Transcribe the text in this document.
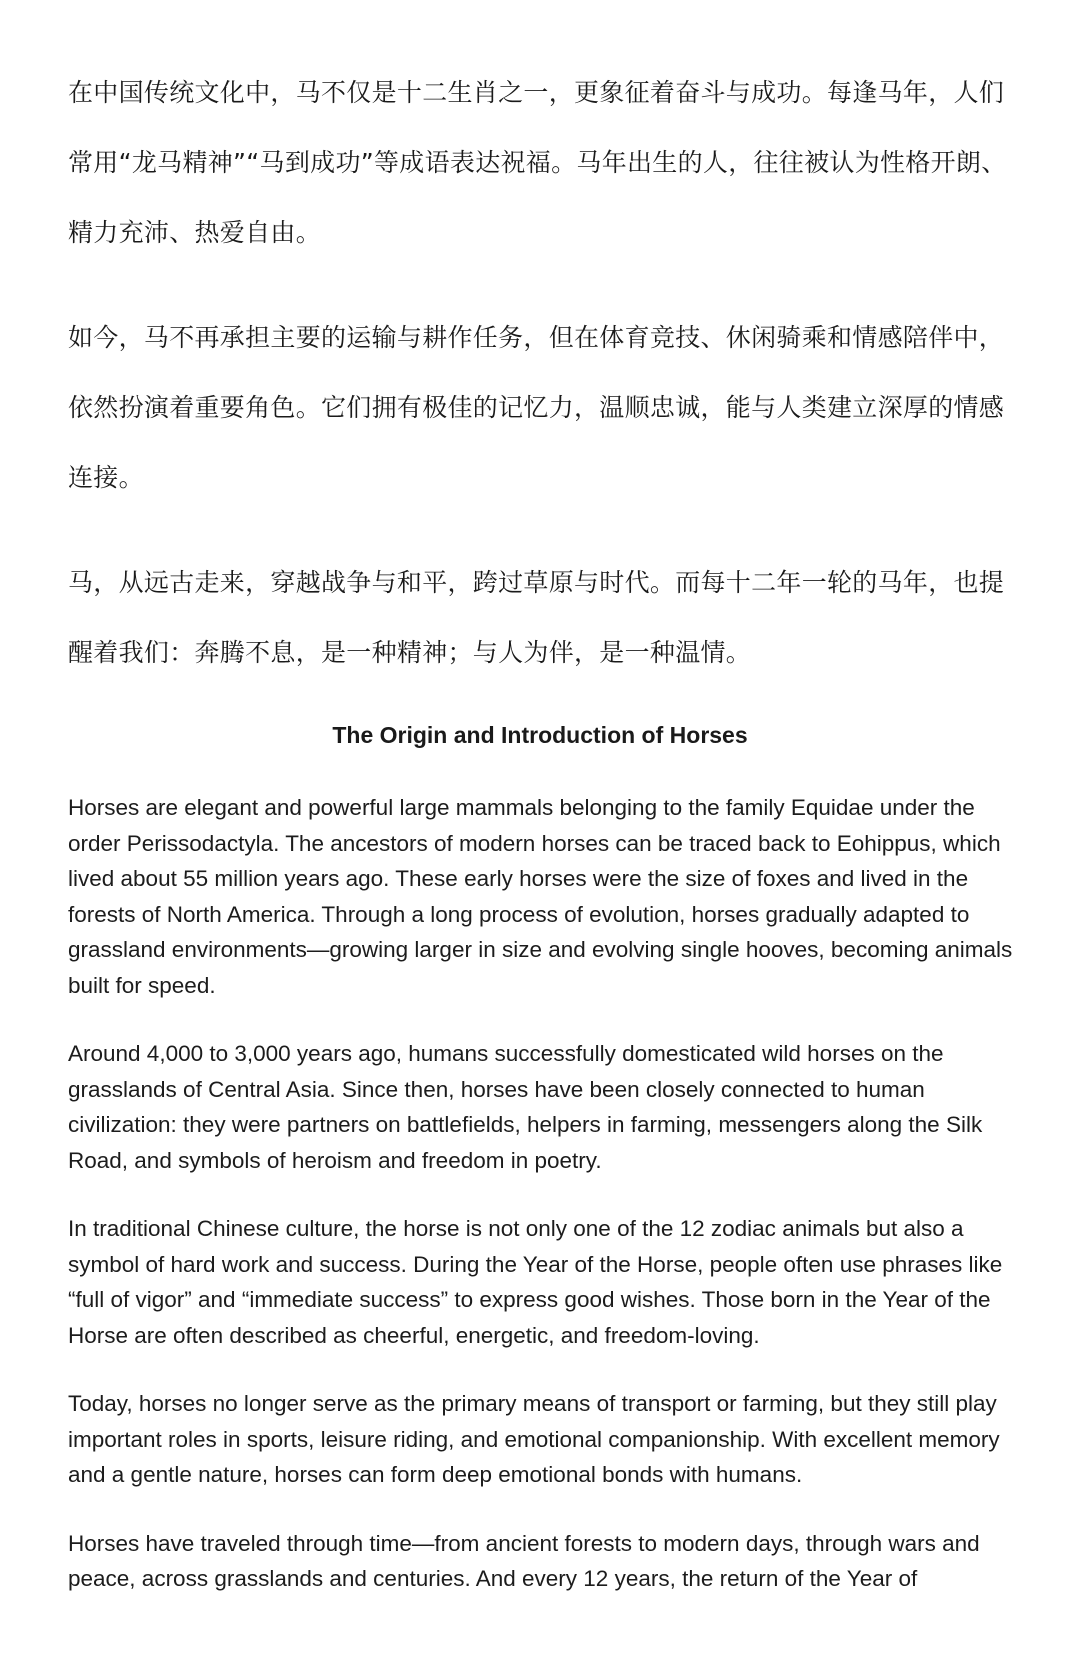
在中国传统文化中，马不仅是十二生肖之一，更象征着奋斗与成功。每逢马年，人们常用“龙马精神”“马到成功”等成语表达祝福。马年出生的人，往往被认为性格开朗、精力充沛、热爱自由。

如今，马不再承担主要的运输与耕作任务，但在体育竞技、休闲骑乘和情感陪伴中，依然扮演着重要角色。它们拥有极佳的记忆力，温顺忠诚，能与人类建立深厚的情感连接。

马，从远古走来，穿越战争与和平，跨过草原与时代。而每十二年一轮的马年，也提醒着我们：奔腾不息，是一种精神；与人为伴，是一种温情。

The Origin and Introduction of Horses

Horses are elegant and powerful large mammals belonging to the family Equidae under the order Perissodactyla. The ancestors of modern horses can be traced back to Eohippus, which lived about 55 million years ago. These early horses were the size of foxes and lived in the forests of North America. Through a long process of evolution, horses gradually adapted to grassland environments—growing larger in size and evolving single hooves, becoming animals built for speed.

Around 4,000 to 3,000 years ago, humans successfully domesticated wild horses on the grasslands of Central Asia. Since then, horses have been closely connected to human civilization: they were partners on battlefields, helpers in farming, messengers along the Silk Road, and symbols of heroism and freedom in poetry.

In traditional Chinese culture, the horse is not only one of the 12 zodiac animals but also a symbol of hard work and success. During the Year of the Horse, people often use phrases like “full of vigor” and “immediate success” to express good wishes. Those born in the Year of the Horse are often described as cheerful, energetic, and freedom-loving.

Today, horses no longer serve as the primary means of transport or farming, but they still play important roles in sports, leisure riding, and emotional companionship. With excellent memory and a gentle nature, horses can form deep emotional bonds with humans.

Horses have traveled through time—from ancient forests to modern days, through wars and peace, across grasslands and centuries. And every 12 years, the return of the Year of
